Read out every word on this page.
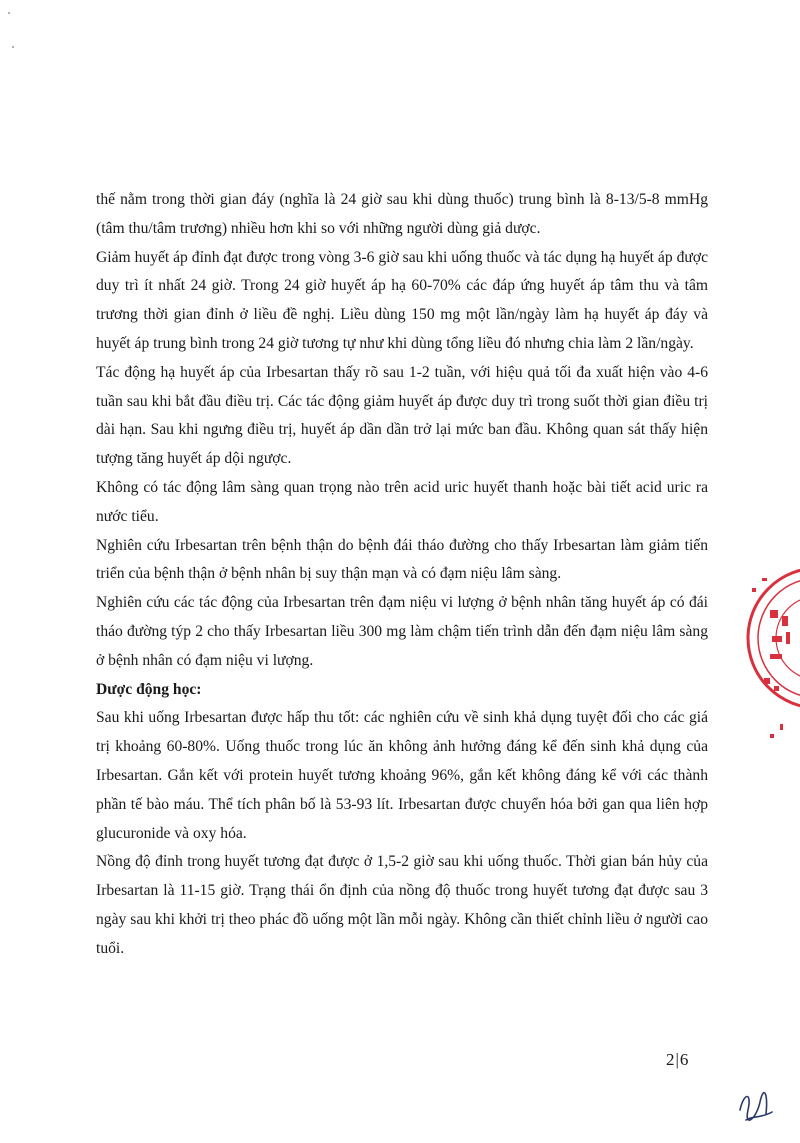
thế nằm trong thời gian đáy (nghĩa là 24 giờ sau khi dùng thuốc) trung bình là 8-13/5-8 mmHg (tâm thu/tâm trương) nhiều hơn khi so với những người dùng giả dược.

Giảm huyết áp đỉnh đạt được trong vòng 3-6 giờ sau khi uống thuốc và tác dụng hạ huyết áp được duy trì ít nhất 24 giờ. Trong 24 giờ huyết áp hạ 60-70% các đáp ứng huyết áp tâm thu và tâm trương thời gian đỉnh ở liều đề nghị. Liều dùng 150 mg một lần/ngày làm hạ huyết áp đáy và huyết áp trung bình trong 24 giờ tương tự như khi dùng tổng liều đó nhưng chia làm 2 lần/ngày.

Tác động hạ huyết áp của Irbesartan thấy rõ sau 1-2 tuần, với hiệu quả tối đa xuất hiện vào 4-6 tuần sau khi bắt đầu điều trị. Các tác động giảm huyết áp được duy trì trong suốt thời gian điều trị dài hạn. Sau khi ngưng điều trị, huyết áp dần dần trở lại mức ban đầu. Không quan sát thấy hiện tượng tăng huyết áp dội ngược.

Không có tác động lâm sàng quan trọng nào trên acid uric huyết thanh hoặc bài tiết acid uric ra nước tiểu.

Nghiên cứu Irbesartan trên bệnh thận do bệnh đái tháo đường cho thấy Irbesartan làm giảm tiến triển của bệnh thận ở bệnh nhân bị suy thận mạn và có đạm niệu lâm sàng.

Nghiên cứu các tác động của Irbesartan trên đạm niệu vi lượng ở bệnh nhân tăng huyết áp có đái tháo đường týp 2 cho thấy Irbesartan liều 300 mg làm chậm tiến trình dẫn đến đạm niệu lâm sàng ở bệnh nhân có đạm niệu vi lượng.

Dược động học:

Sau khi uống Irbesartan được hấp thu tốt: các nghiên cứu về sinh khả dụng tuyệt đối cho các giá trị khoảng 60-80%. Uống thuốc trong lúc ăn không ảnh hưởng đáng kể đến sinh khả dụng của Irbesartan. Gắn kết với protein huyết tương khoảng 96%, gắn kết không đáng kể với các thành phần tế bào máu. Thể tích phân bố là 53-93 lít. Irbesartan được chuyển hóa bởi gan qua liên hợp glucuronide và oxy hóa.

Nồng độ đỉnh trong huyết tương đạt được ở 1,5-2 giờ sau khi uống thuốc. Thời gian bán hủy của Irbesartan là 11-15 giờ. Trạng thái ổn định của nồng độ thuốc trong huyết tương đạt được sau 3 ngày sau khi khởi trị theo phác đồ uống một lần mỗi ngày. Không cần thiết chỉnh liều ở người cao tuổi.

2|6
